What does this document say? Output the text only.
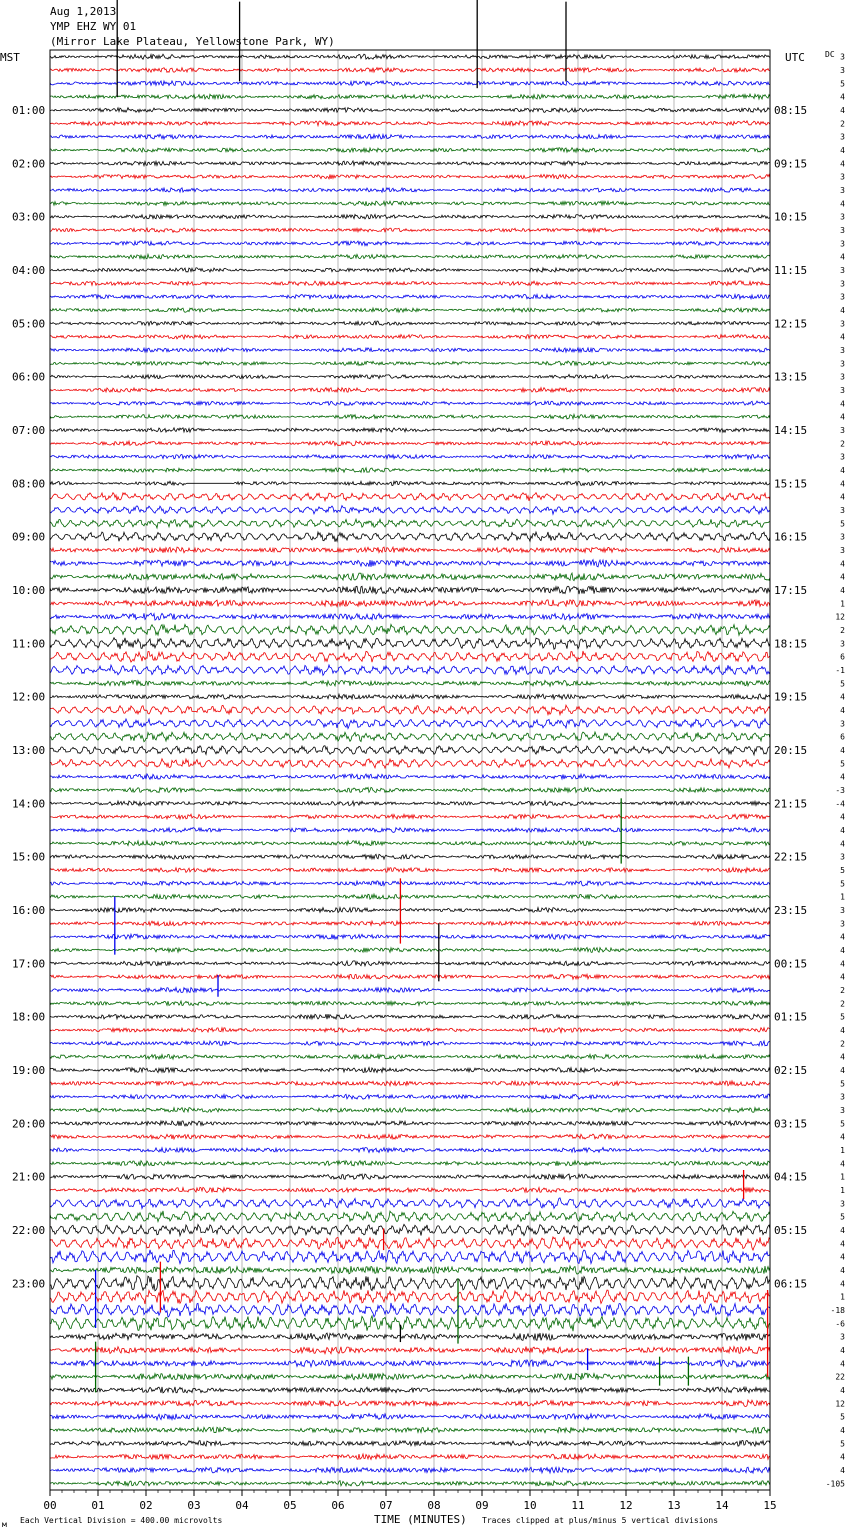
Aug 1,2013
YMP EHZ WY 01
(Mirror Lake Plateau, Yellowstone Park, WY)
MST	UTC	DC
01:00
02:00
03:00
04:00
05:00
06:00
07:00
08:00
09:00
10:00
11:00
12:00
13:00
14:00
15:00
16:00
17:00
18:00
19:00
20:00
21:00
22:00
23:00
08:15
09:15
10:15
11:15
12:15
13:15
14:15
15:15
16:15
17:15
18:15
19:15
20:15
21:15
22:15
23:15
00:15
01:15
02:15
03:15
04:15
05:15
06:15
3
3
5
4
4
2
3
4
4
3
3
4
3
3
3
4
3
3
3
4
3
4
3
3
3
3
4
4
3
2
3
4
4
4
3
5
3
3
4
4
4
1
12
2
3
6
-1
5
4
4
3
6
4
5
4
-3
-4
4
4
4
3
5
5
1
3
3
4
4
4
4
2
2
5
4
2
4
4
5
3
3
5
4
1
4
1
1
3
5
4
4
4
4
4
1
-18
-6
3
4
4
22
4
12
5
4
5
4
4
-105
00	01	02	03	04	05	06	07	08	09	10	11	12	13	14	15
TIME (MINUTES)
Each Vertical Division = 400.00 microvolts	Traces clipped at plus/minus 5 vertical divisions
м
